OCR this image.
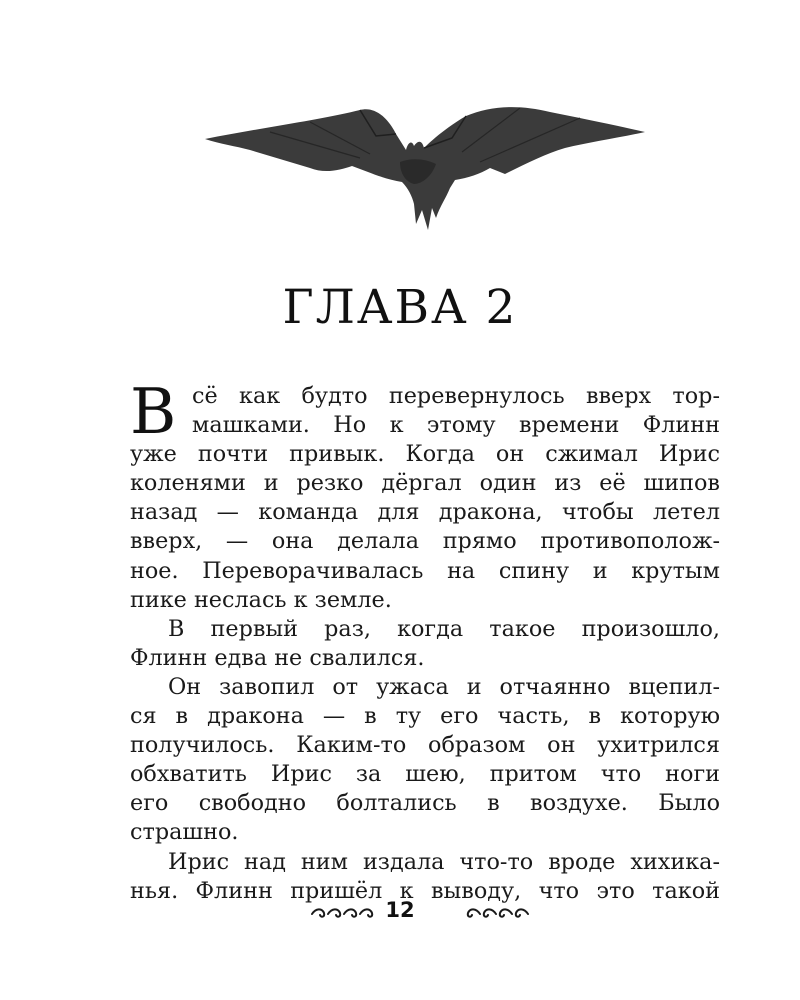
ГЛАВА 2
В сё как будто перевернулось вверх тор-
машками. Но к этому времени Флинн
уже почти привык. Когда он сжимал Ирис
коленями и резко дёргал один из её шипов
назад — команда для дракона, чтобы летел
вверх, — она делала прямо противополож-
ное. Переворачивалась на спину и крутым
пике неслась к земле.
В первый раз, когда такое произошло,
Флинн едва не свалился.
Он завопил от ужаса и отчаянно вцепил-
ся в дракона — в ту его часть, в которую
получилось. Каким-то образом он ухитрился
обхватить Ирис за шею, притом что ноги
его свободно болтались в воздухе. Было
страшно.
Ирис над ним издала что-то вроде хихика-
нья. Флинн пришёл к выводу, что это такой
12
